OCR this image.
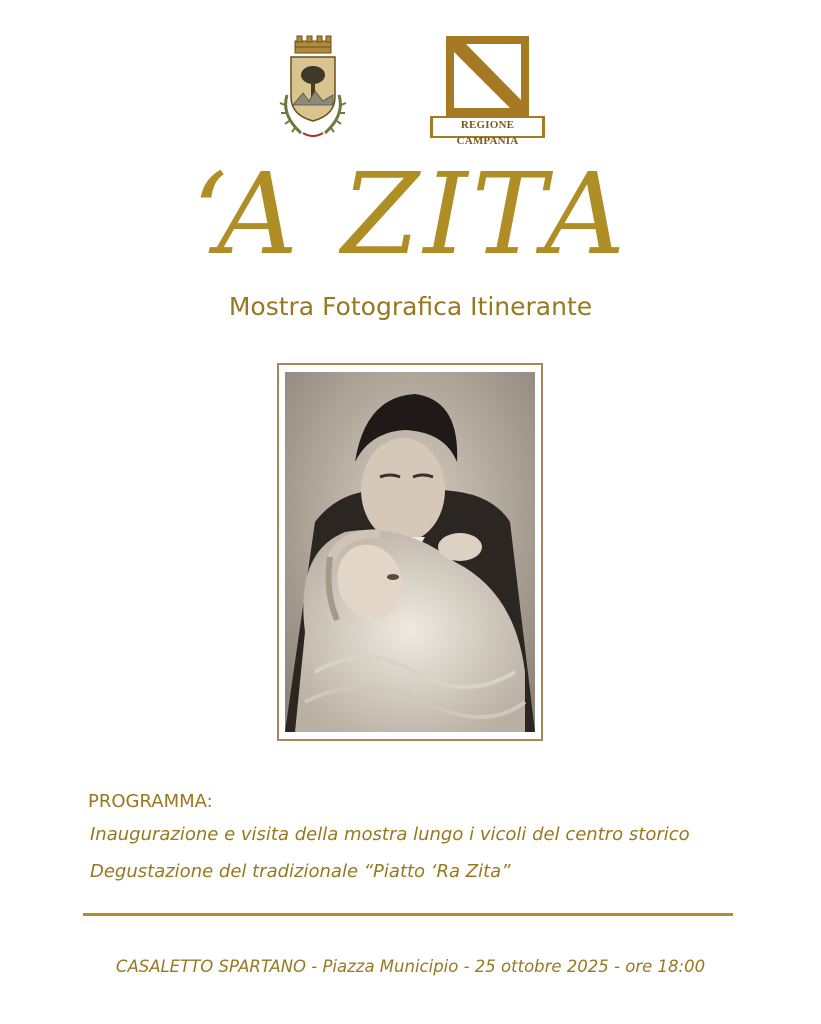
REGIONE CAMPANIA
‘A ZITA
Mostra Fotografica Itinerante
PROGRAMMA:
Inaugurazione e visita della mostra lungo i vicoli del centro storico
Degustazione del tradizionale “Piatto ‘Ra Zita”
CASALETTO SPARTANO - Piazza Municipio - 25 ottobre 2025 - ore 18:00
